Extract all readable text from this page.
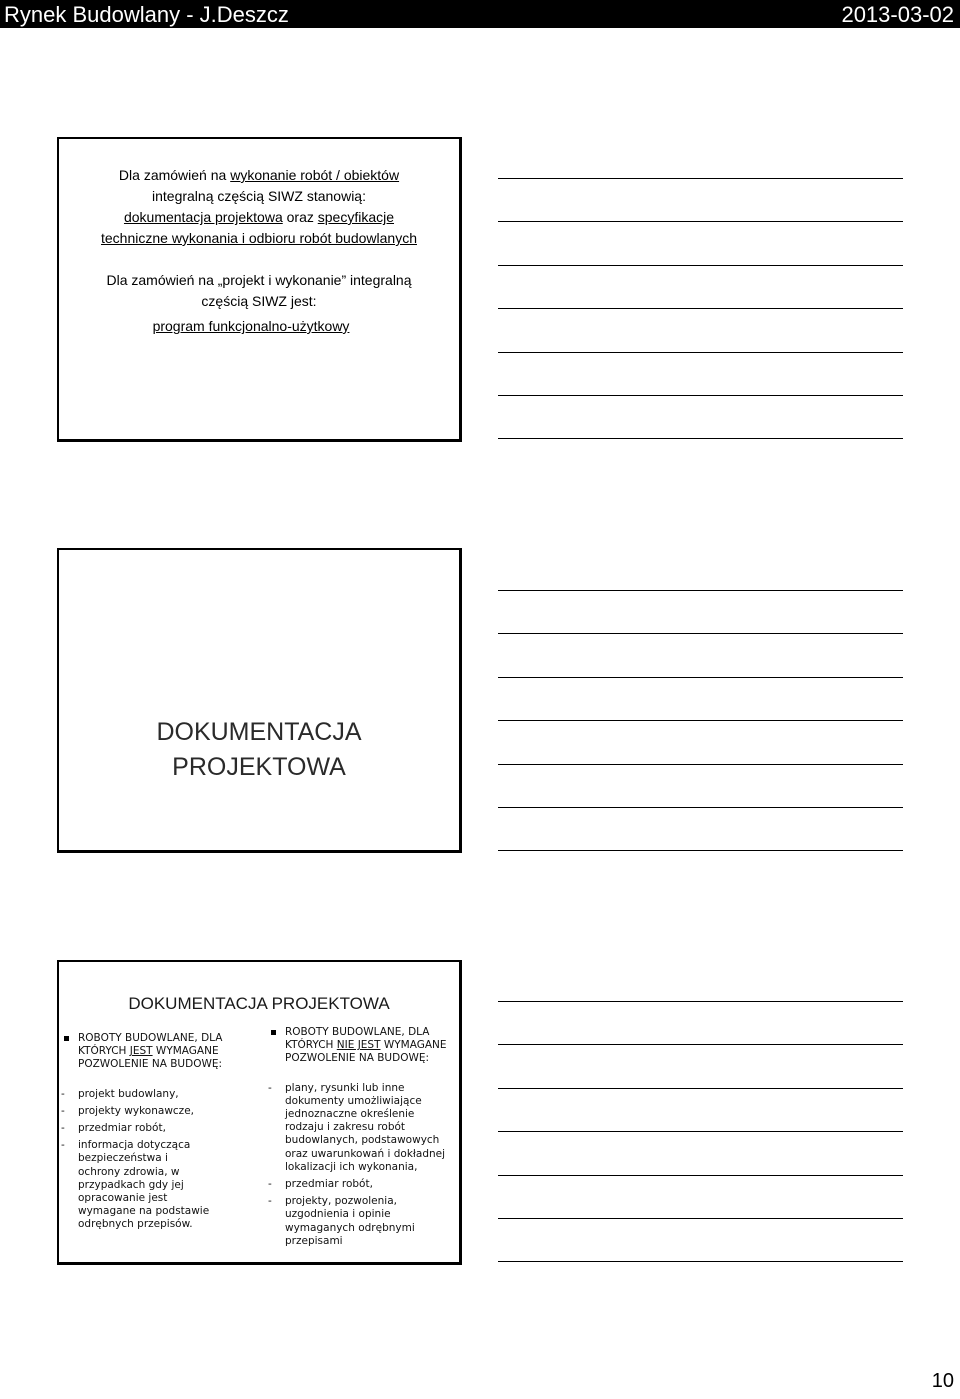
Rynek Budowlany - J.Deszcz	2013-03-02
Dla zamówień na wykonanie robót / obiektów
integralną częścią SIWZ stanowią:
dokumentacja projektowa oraz specyfikacje
techniczne wykonania i odbioru robót budowlanych
Dla zamówień na „projekt i wykonanie” integralną
częścią SIWZ jest:
program funkcjonalno-użytkowy
DOKUMENTACJA
PROJEKTOWA
DOKUMENTACJA PROJEKTOWA
ROBOTY BUDOWLANE, DLA KTÓRYCH JEST WYMAGANE POZWOLENIE NA BUDOWĘ:
- projekt budowlany,
- projekty wykonawcze,
- przedmiar robót,
- informacja dotycząca bezpieczeństwa i ochrony zdrowia, w przypadkach gdy jej opracowanie jest wymagane na podstawie odrębnych przepisów.
ROBOTY BUDOWLANE, DLA KTÓRYCH NIE JEST WYMAGANE POZWOLENIE NA BUDOWĘ:
- plany, rysunki lub inne dokumenty umożliwiające jednoznaczne określenie rodzaju i zakresu robót budowlanych, podstawowych oraz uwarunkowań i dokładnej lokalizacji ich wykonania,
- przedmiar robót,
- projekty, pozwolenia, uzgodnienia i opinie wymaganych odrębnymi przepisami
10
